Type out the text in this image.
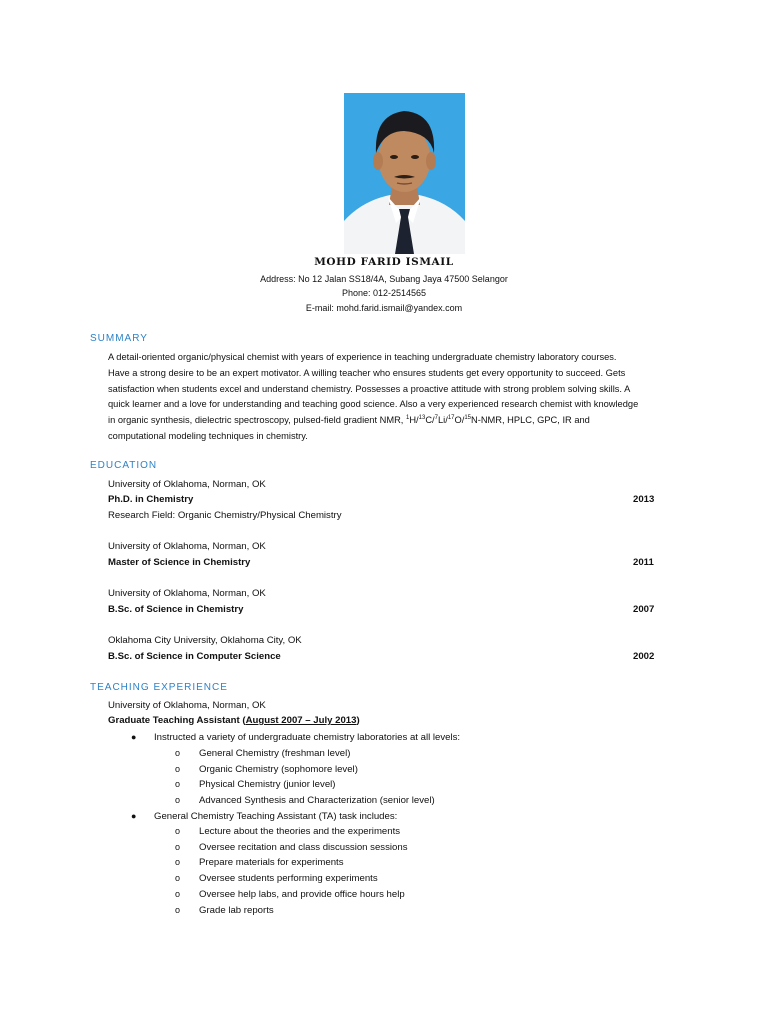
MOHD FARID ISMAIL
Address: No 12 Jalan SS18/4A, Subang Jaya 47500 Selangor
Phone: 012-2514565
E-mail: mohd.farid.ismail@yandex.com
SUMMARY

A detail-oriented organic/physical chemist with years of experience in teaching undergraduate chemistry laboratory courses.

Have a strong desire to be an expert motivator. A willing teacher who ensures students get every opportunity to succeed. Gets

satisfaction when students excel and understand chemistry. Possesses a proactive attitude with strong problem solving skills. A

quick learner and a love for understanding and teaching good science. Also a very experienced research chemist with knowledge

in organic synthesis, dielectric spectroscopy, pulsed-field gradient NMR, $^1$H/$^{13}$C/$^7$Li/$^{17}$O/$^{15}$N-NMR, HPLC, GPC, IR and

computational modeling techniques in chemistry.

EDUCATION
University of Oklahoma, Norman, OK
Ph.D. in Chemistry	2013
Research Field: Organic Chemistry/Physical Chemistry
University of Oklahoma, Norman, OK
Master of Science in Chemistry	2011
University of Oklahoma, Norman, OK
B.Sc. of Science in Chemistry	2007
Oklahoma City University, Oklahoma City, OK
B.Sc. of Science in Computer Science	2002
TEACHING EXPERIENCE
University of Oklahoma, Norman, OK
Graduate Teaching Assistant (August 2007 – July 2013)
● Instructed a variety of undergraduate chemistry laboratories at all levels:
o General Chemistry (freshman level)
o Organic Chemistry (sophomore level)
o Physical Chemistry (junior level)
o Advanced Synthesis and Characterization (senior level)
● General Chemistry Teaching Assistant (TA) task includes:
o Lecture about the theories and the experiments
o Oversee recitation and class discussion sessions
o Prepare materials for experiments
o Oversee students performing experiments
o Oversee help labs, and provide office hours help
o Grade lab reports
